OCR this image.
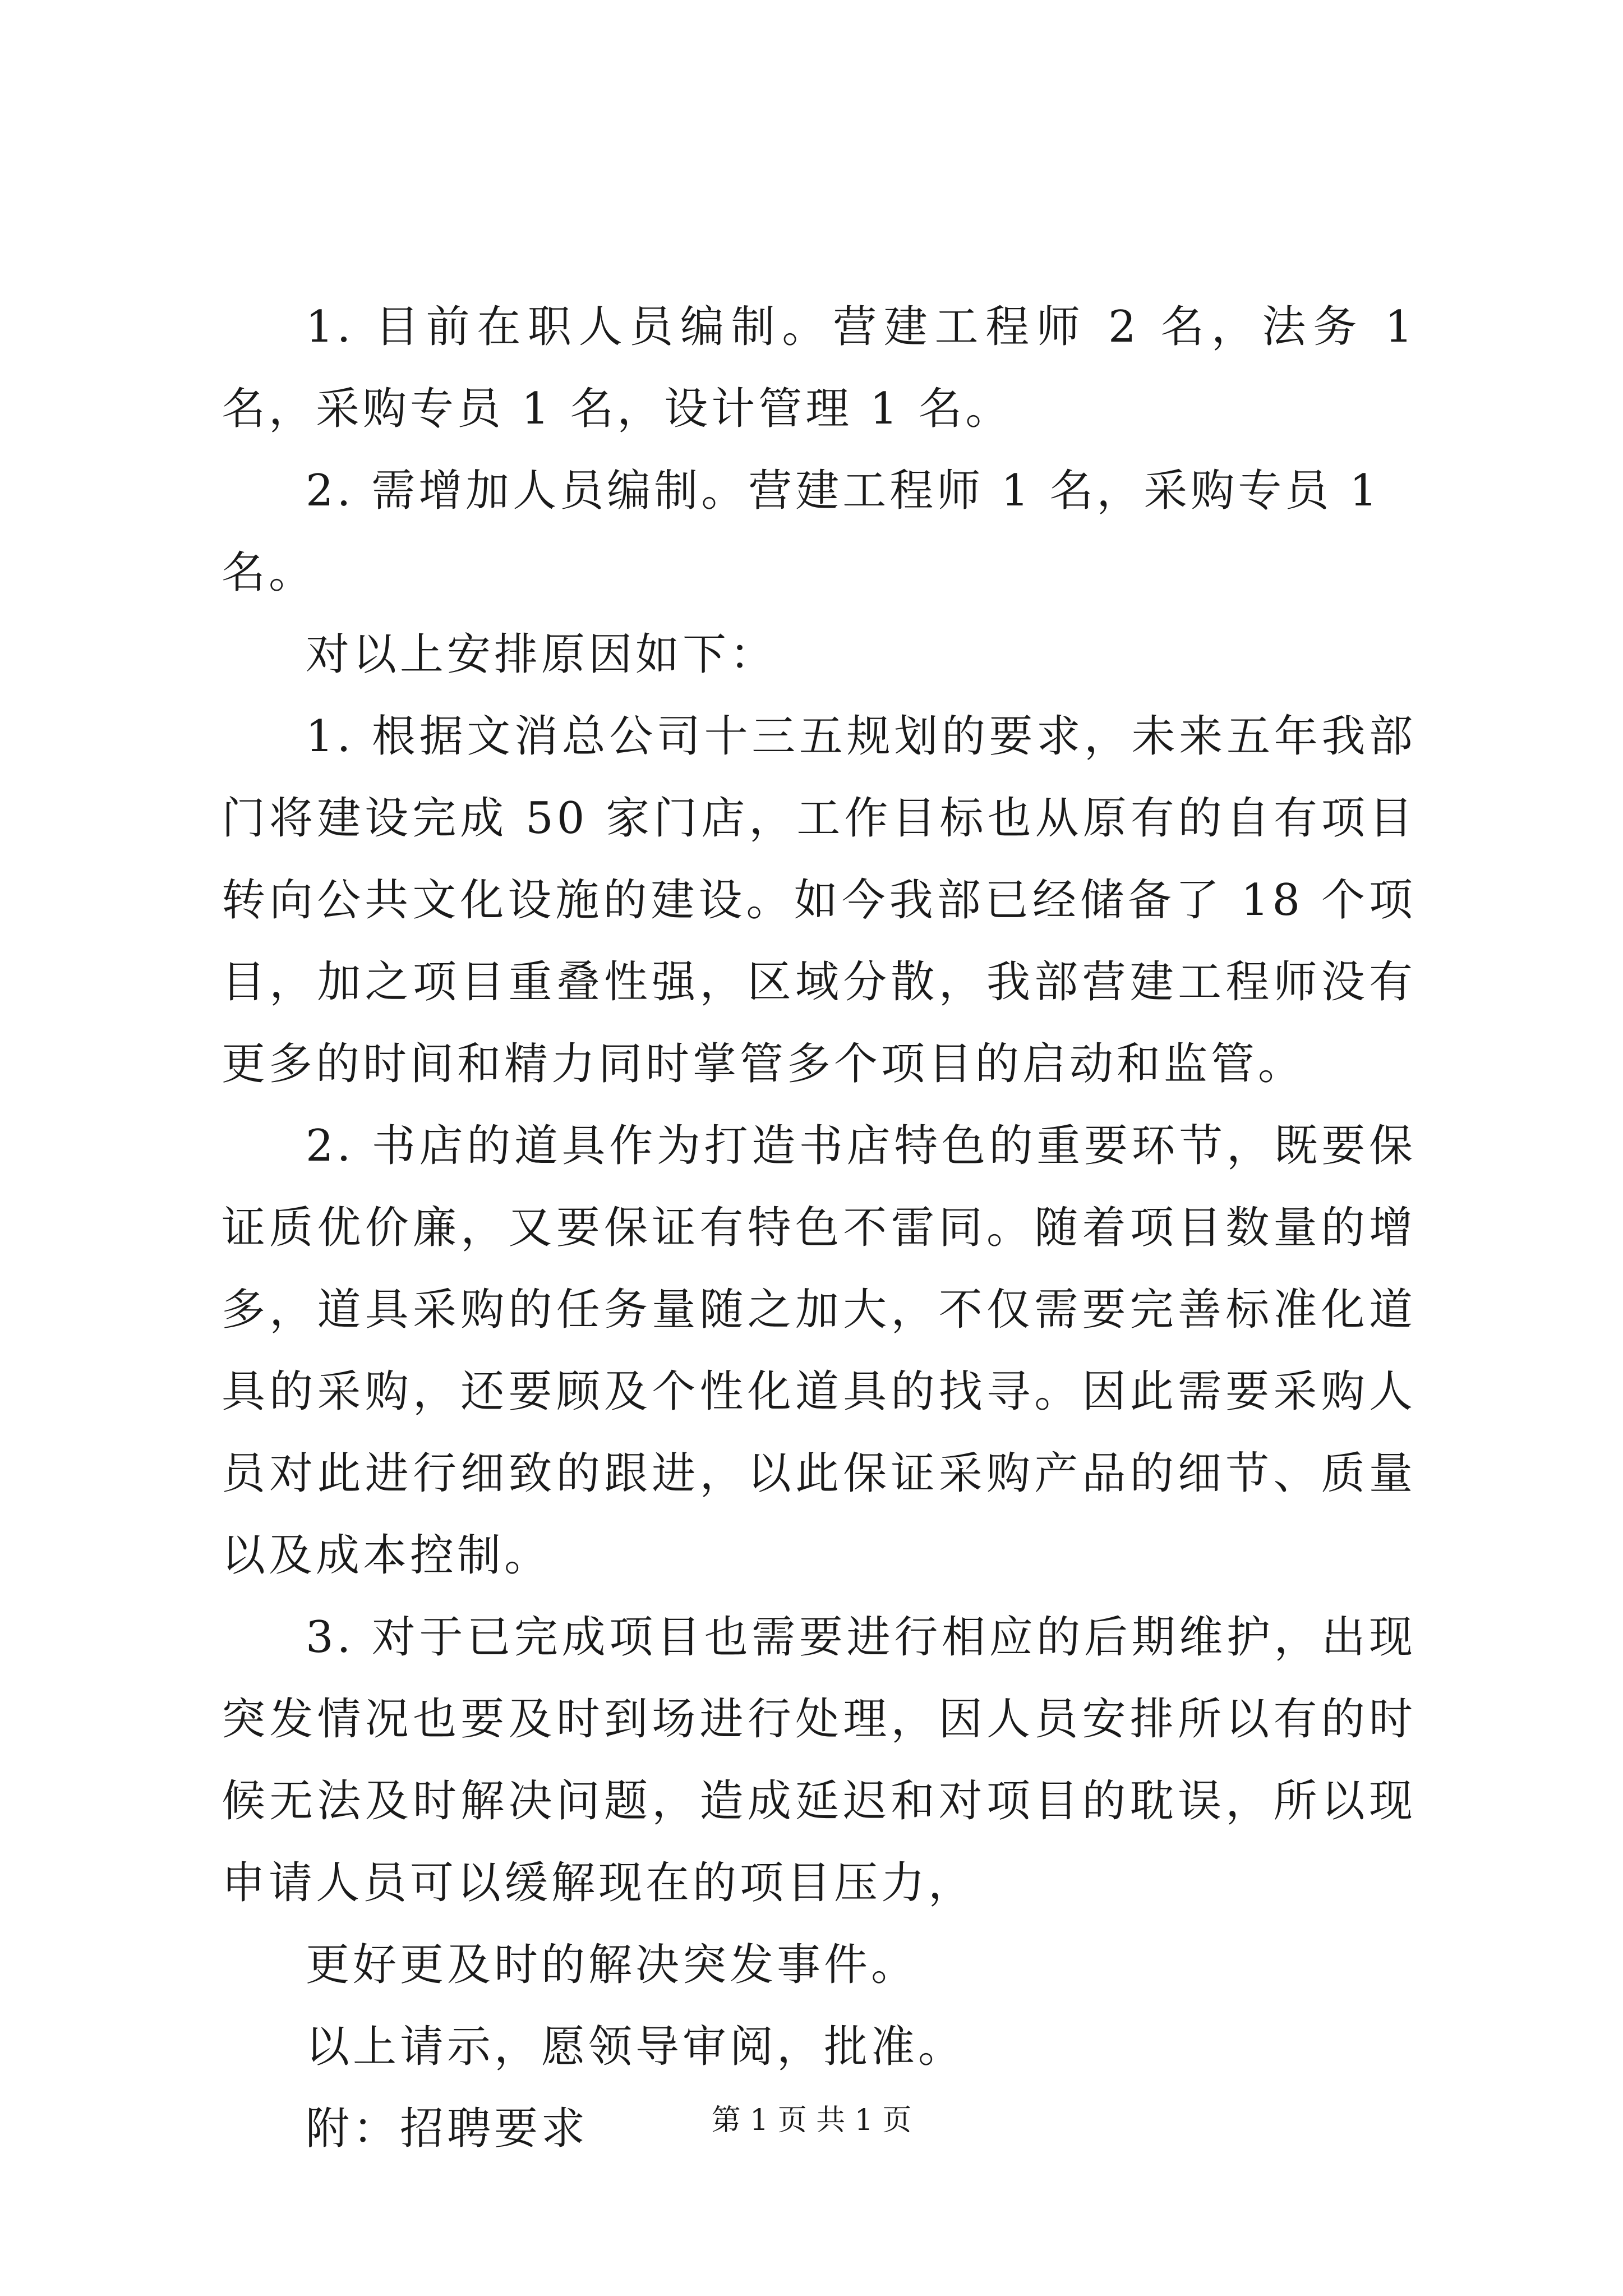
1. 目前在职人员编制。营建工程师 2 名，法务 1 名，采购专员 1 名，设计管理 1 名。

2. 需增加人员编制。营建工程师 1 名，采购专员 1 名。

对以上安排原因如下：

1. 根据文消总公司十三五规划的要求，未来五年我部门将建设完成 50 家门店，工作目标也从原有的自有项目转向公共文化设施的建设。如今我部已经储备了 18 个项目，加之项目重叠性强，区域分散，我部营建工程师没有更多的时间和精力同时掌管多个项目的启动和监管。

2. 书店的道具作为打造书店特色的重要环节，既要保证质优价廉，又要保证有特色不雷同。随着项目数量的增多，道具采购的任务量随之加大，不仅需要完善标准化道具的采购，还要顾及个性化道具的找寻。因此需要采购人员对此进行细致的跟进，以此保证采购产品的细节、质量以及成本控制。

3. 对于已完成项目也需要进行相应的后期维护，出现突发情况也要及时到场进行处理，因人员安排所以有的时候无法及时解决问题，造成延迟和对项目的耽误，所以现申请人员可以缓解现在的项目压力，

更好更及时的解决突发事件。

以上请示，愿领导审阅，批准。

附：招聘要求	第 1 页 共 1 页
